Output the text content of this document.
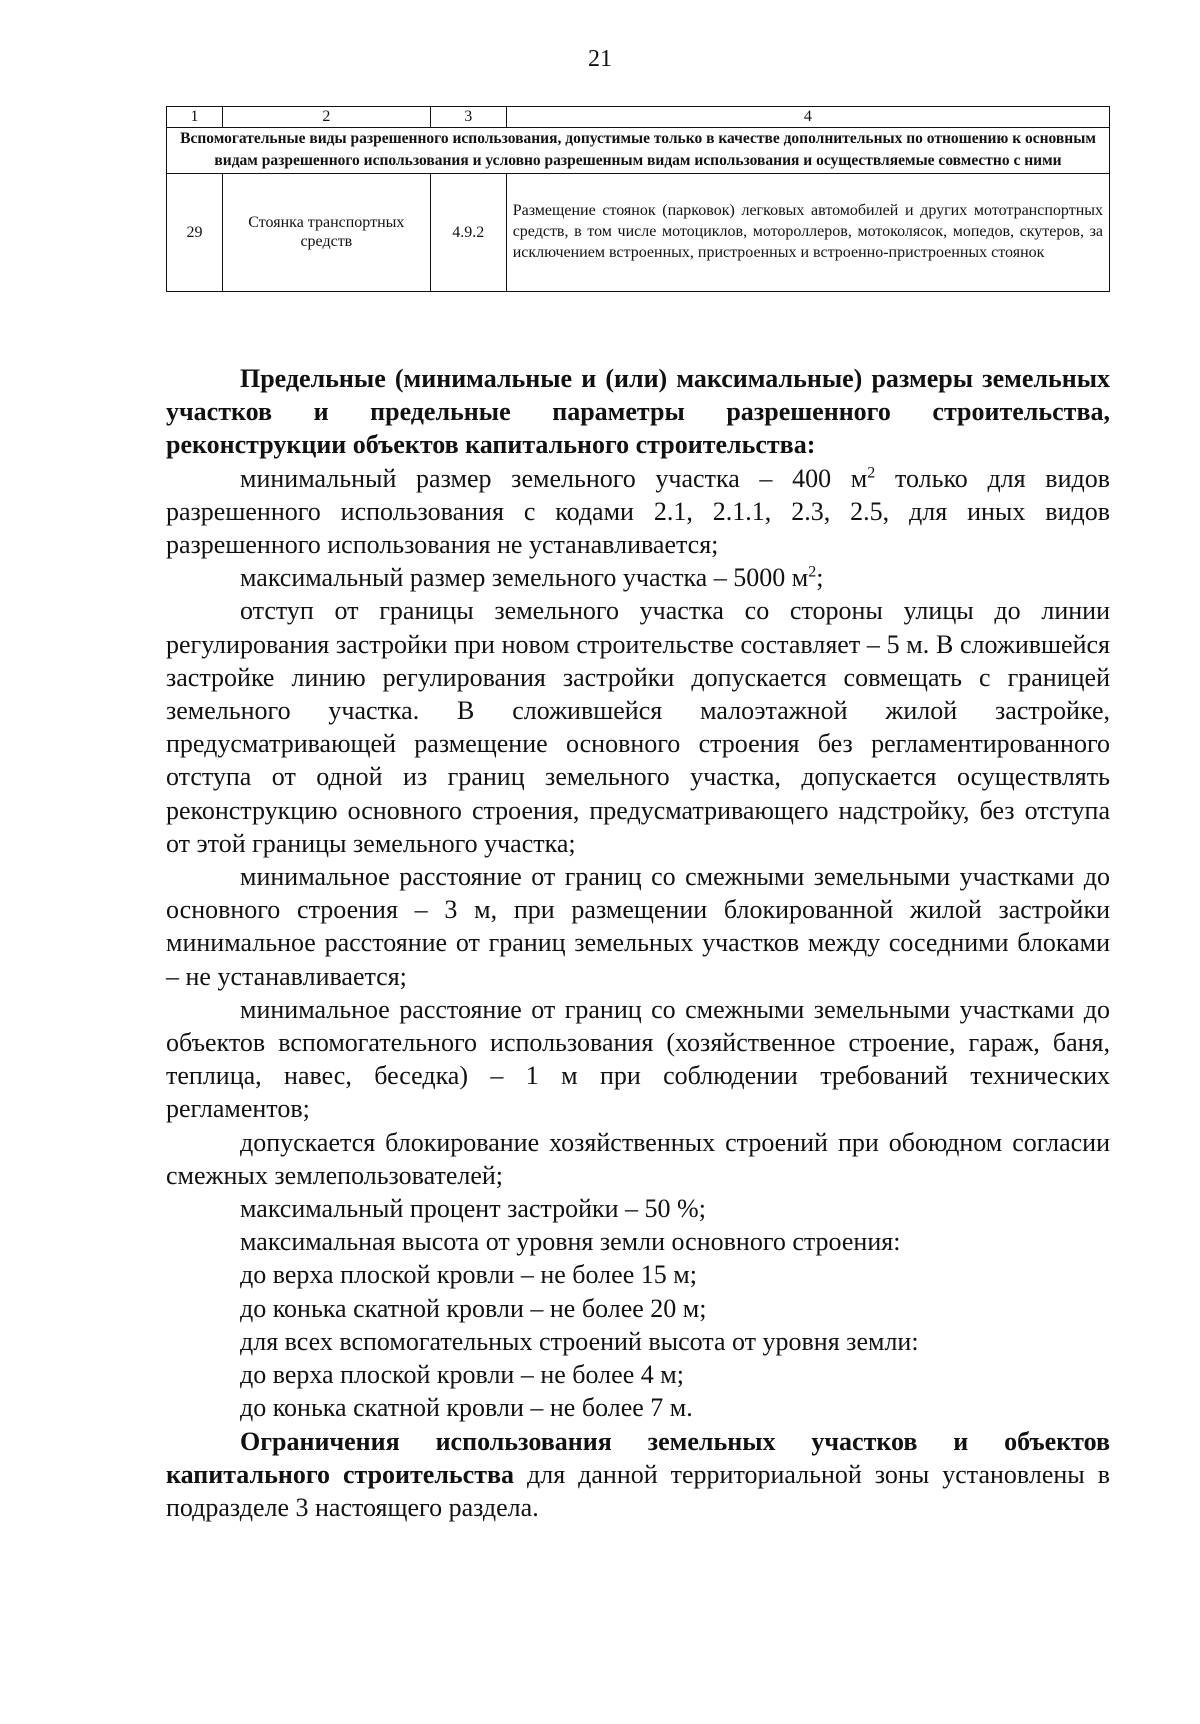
21
1	2	3	4
Вспомогательные виды разрешенного использования, допустимые только в качестве дополнительных по отношению к основным видам разрешенного использования и условно разрешенным видам использования и осуществляемые совместно с ними			
29	Стоянка транспортных средств	4.9.2	Размещение стоянок (парковок) легковых автомобилей и других мототранспортных средств, в том числе мотоциклов, мотороллеров, мотоколясок, мопедов, скутеров, за исключением встроенных, пристроенных и встроенно-пристроенных стоянок

Предельные (минимальные и (или) максимальные) размеры земельных участков и предельные параметры разрешенного строительства, реконструкции объектов капитального строительства:

минимальный размер земельного участка – 400 $м^2$ только для видов разрешенного использования с кодами 2.1, 2.1.1, 2.3, 2.5, для иных видов разрешенного использования не устанавливается;

максимальный размер земельного участка – 5000 $м^2$;

отступ от границы земельного участка со стороны улицы до линии регулирования застройки при новом строительстве составляет – 5 м. В сложившейся застройке линию регулирования застройки допускается совмещать с границей земельного участка. В сложившейся малоэтажной жилой застройке, предусматривающей размещение основного строения без регламентированного отступа от одной из границ земельного участка, допускается осуществлять реконструкцию основного строения, предусматривающего надстройку, без отступа от этой границы земельного участка;

минимальное расстояние от границ со смежными земельными участками до основного строения – 3 м, при размещении блокированной жилой застройки минимальное расстояние от границ земельных участков между соседними блоками – не устанавливается;

минимальное расстояние от границ со смежными земельными участками до объектов вспомогательного использования (хозяйственное строение, гараж, баня, теплица, навес, беседка) – 1 м при соблюдении требований технических регламентов;

допускается блокирование хозяйственных строений при обоюдном согласии смежных землепользователей;

максимальный процент застройки – 50 %;

максимальная высота от уровня земли основного строения:

до верха плоской кровли – не более 15 м;

до конька скатной кровли – не более 20 м;

для всех вспомогательных строений высота от уровня земли:

до верха плоской кровли – не более 4 м;

до конька скатной кровли – не более 7 м.

Ограничения использования земельных участков и объектов капитального строительства для данной территориальной зоны установлены в подразделе 3 настоящего раздела.
